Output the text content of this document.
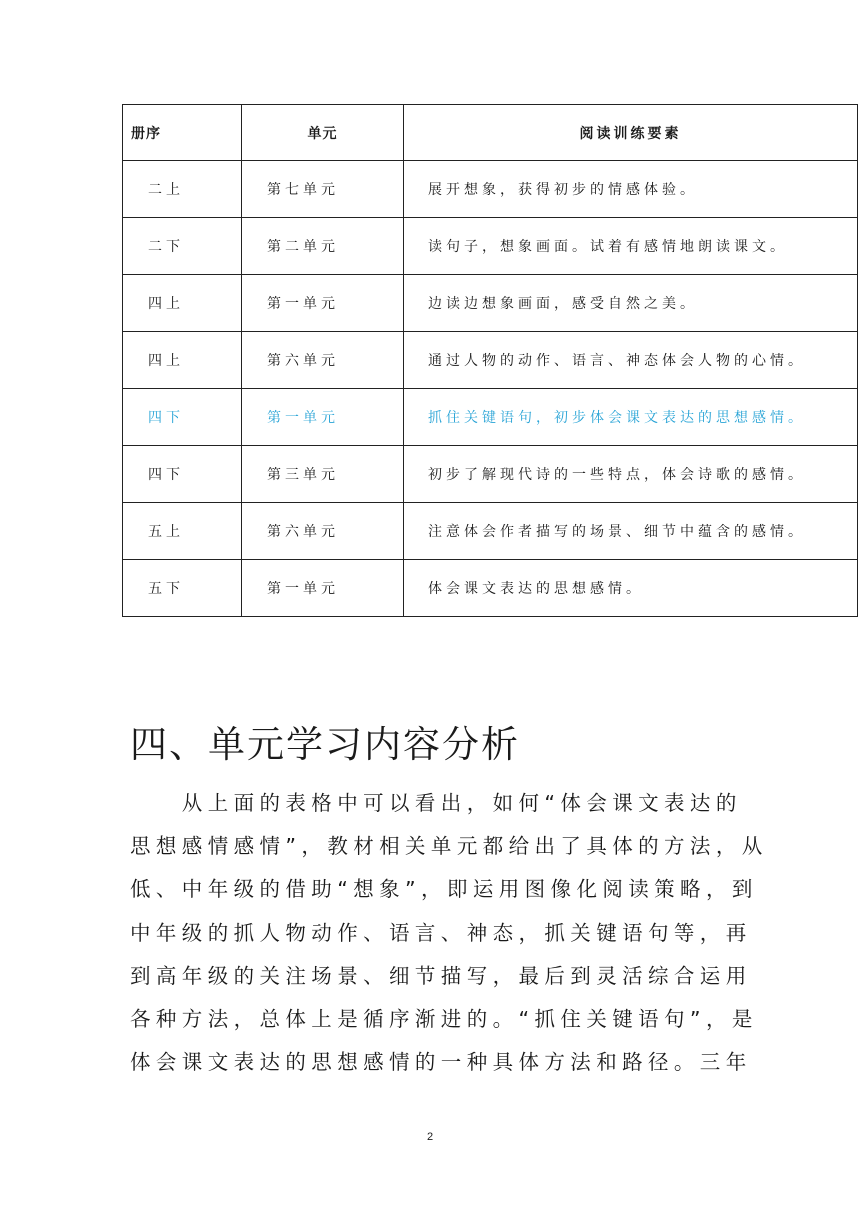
册序	单元	阅读训练要素
二上	第七单元	展开想象，获得初步的情感体验。
二下	第二单元	读句子，想象画面。试着有感情地朗读课文。
四上	第一单元	边读边想象画面，感受自然之美。
四上	第六单元	通过人物的动作、语言、神态体会人物的心情。
四下	第一单元	抓住关键语句，初步体会课文表达的思想感情。
四下	第三单元	初步了解现代诗的一些特点，体会诗歌的感情。
五上	第六单元	注意体会作者描写的场景、细节中蕴含的感情。
五下	第一单元	体会课文表达的思想感情。
四、单元学习内容分析

　　从上面的表格中可以看出，如何“体会课文表达的

思想感情感情”，教材相关单元都给出了具体的方法，从

低、中年级的借助“想象”，即运用图像化阅读策略，到

中年级的抓人物动作、语言、神态，抓关键语句等，再

到高年级的关注场景、细节描写，最后到灵活综合运用

各种方法，总体上是循序渐进的。“抓住关键语句”，是

体会课文表达的思想感情的一种具体方法和路径。三年

2
